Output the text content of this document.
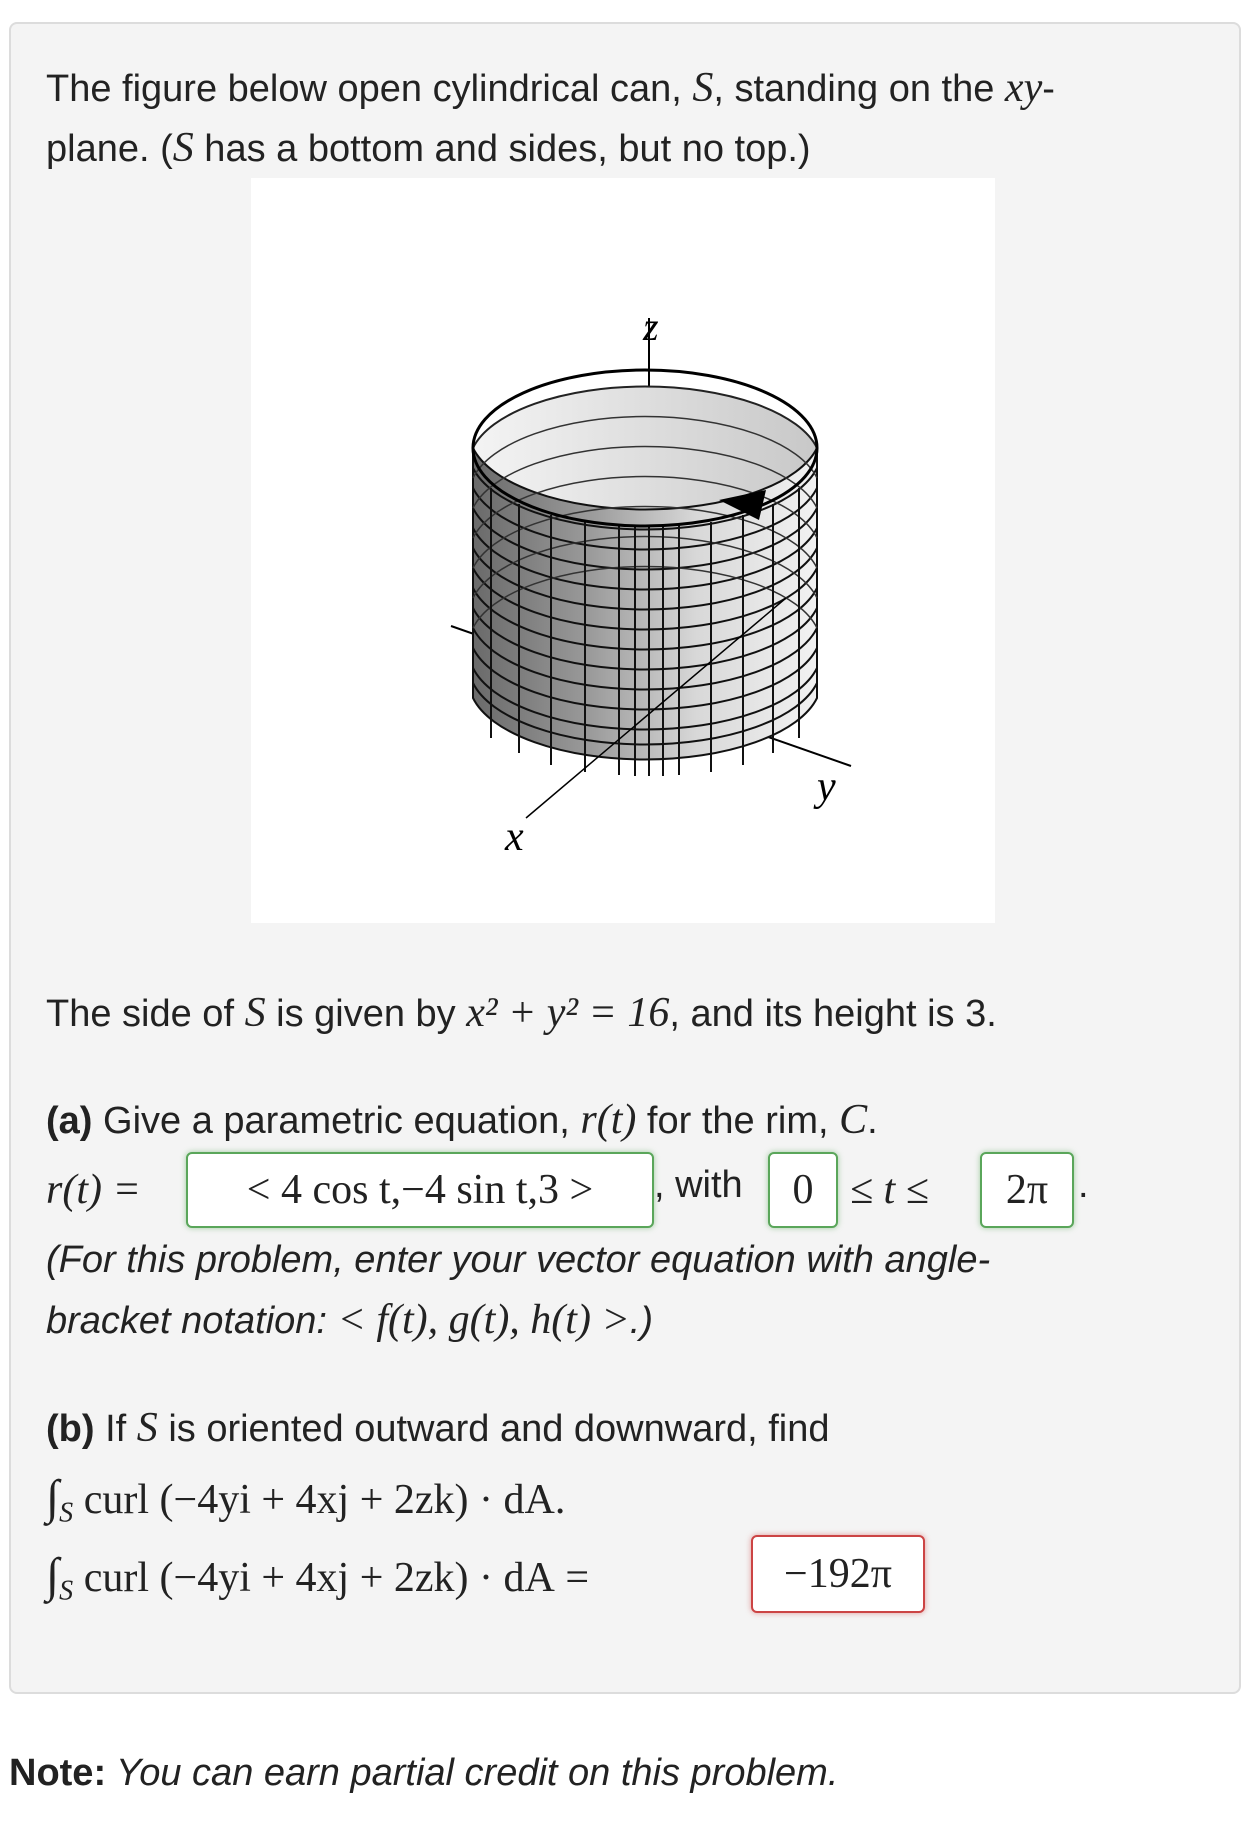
The figure below open cylindrical can, S, standing on the xy-

plane. (S has a bottom and sides, but no top.)

z
x
y

The side of S is given by x² + y² = 16, and its height is 3.

(a) Give a parametric equation, r(t) for the rim, C.

r(t) =	< 4 cos t,−4 sin t,3 >	, with	0 ≤ t ≤	2π .

(For this problem, enter your vector equation with angle-

bracket notation: < f(t), g(t), h(t) >.)

(b) If S is oriented outward and downward, find

$\int_S$ curl (−4yi + 4xj + 2zk) · dA.

$\int_S$ curl (−4yi + 4xj + 2zk) · dA =	−192π
Note: You can earn partial credit on this problem.
